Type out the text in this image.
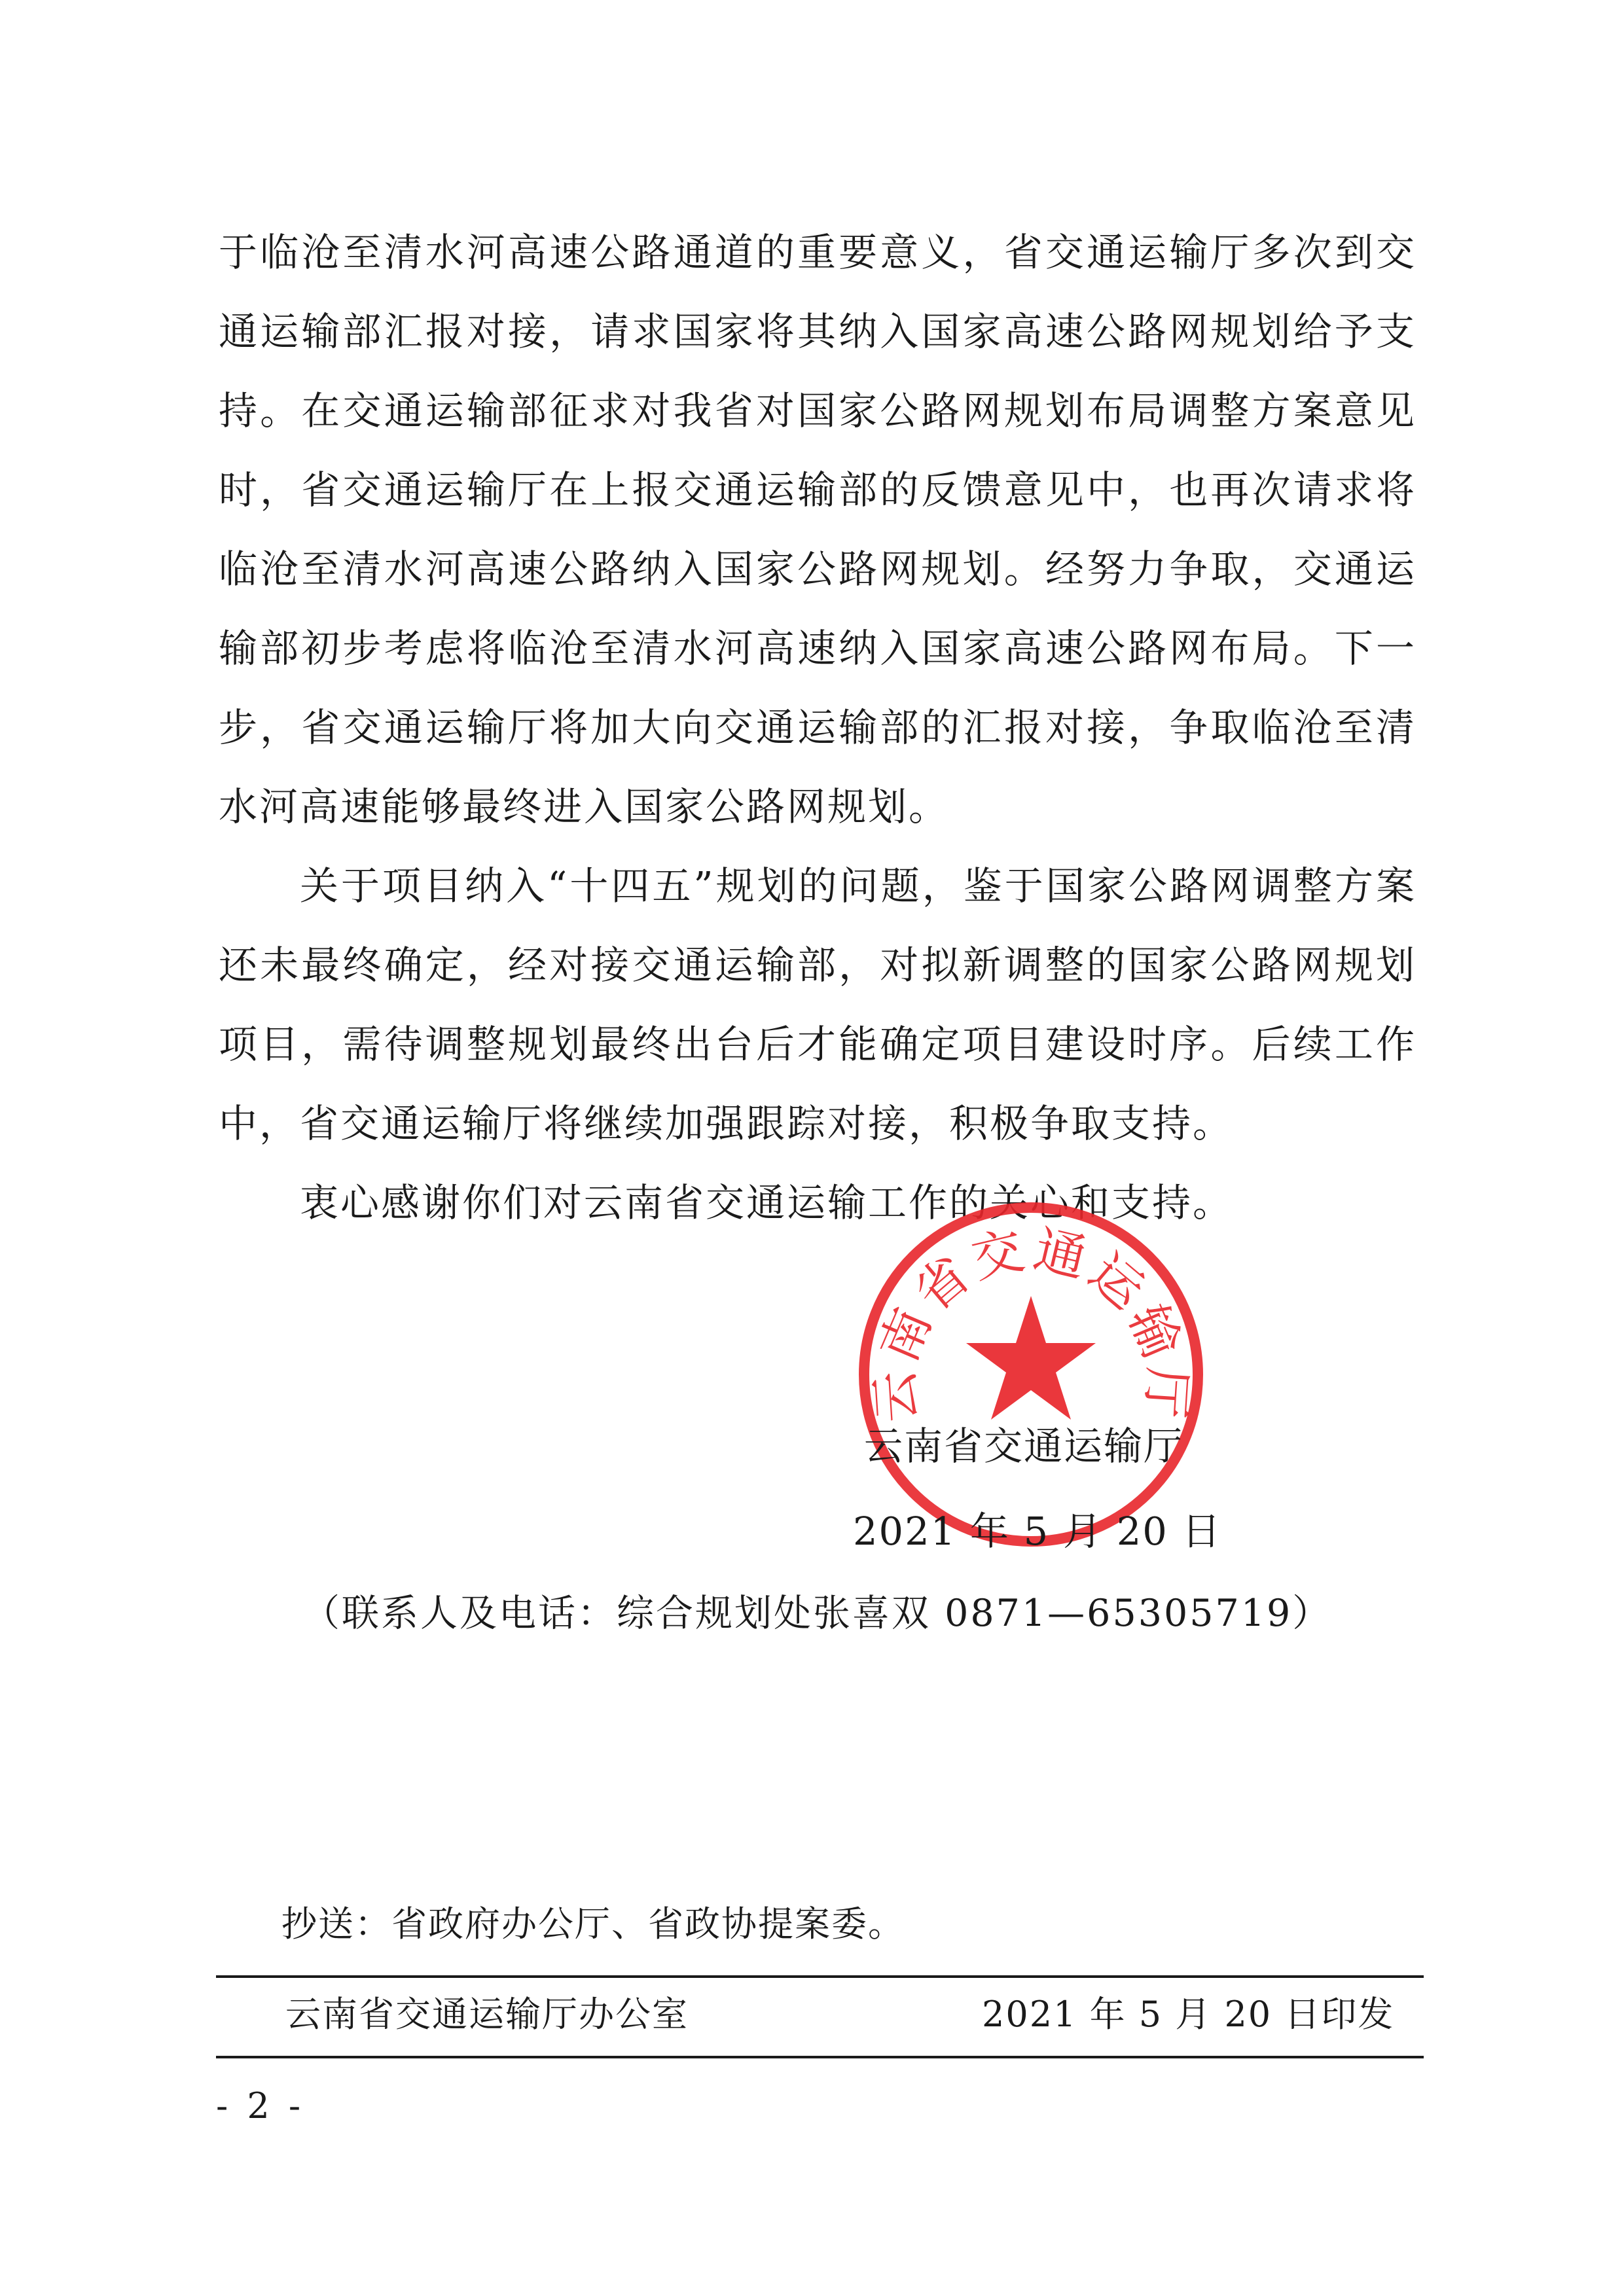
于临沧至清水河高速公路通道的重要意义，省交通运输厅多次到交通运输部汇报对接，请求国家将其纳入国家高速公路网规划给予支持。在交通运输部征求对我省对国家公路网规划布局调整方案意见时，省交通运输厅在上报交通运输部的反馈意见中，也再次请求将临沧至清水河高速公路纳入国家公路网规划。经努力争取，交通运输部初步考虑将临沧至清水河高速纳入国家高速公路网布局。下一步，省交通运输厅将加大向交通运输部的汇报对接，争取临沧至清水河高速能够最终进入国家公路网规划。

关于项目纳入“十四五”规划的问题，鉴于国家公路网调整方案还未最终确定，经对接交通运输部，对拟新调整的国家公路网规划项目，需待调整规划最终出台后才能确定项目建设时序。后续工作中，省交通运输厅将继续加强跟踪对接，积极争取支持。

衷心感谢你们对云南省交通运输工作的关心和支持。

云南省交通运输厅
云南省交通运输厅
2021 年 5 月 20 日
（联系人及电话：综合规划处张喜双 0871—65305719）
抄送：省政府办公厅、省政协提案委。
云南省交通运输厅办公室	2021 年 5 月 20 日印发
- 2 -
